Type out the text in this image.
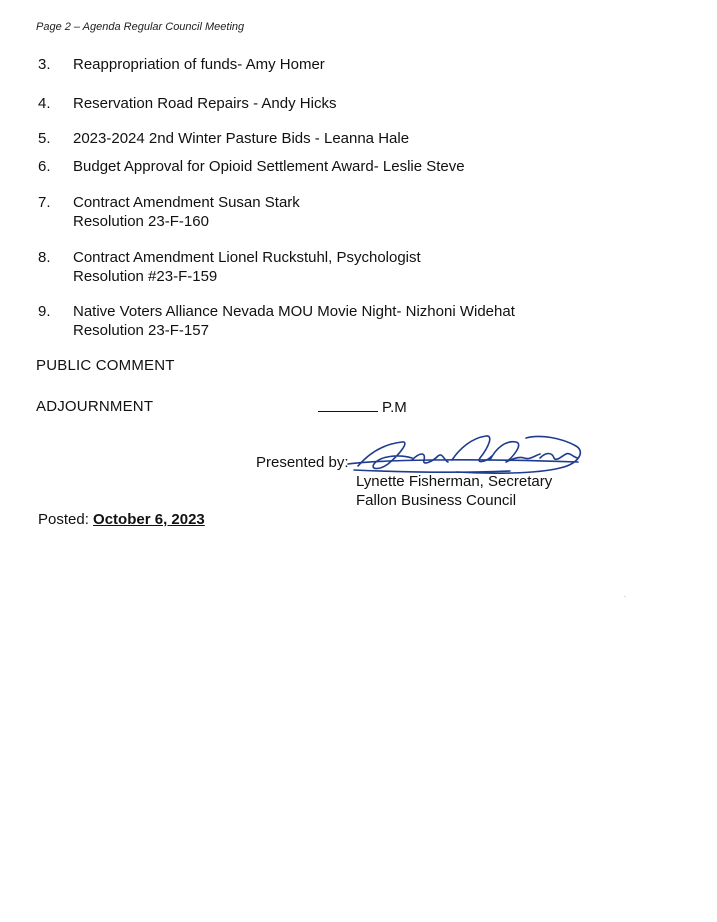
Page 2 – Agenda Regular Council Meeting
3.	Reappropriation of funds- Amy Homer
4.	Reservation Road Repairs - Andy Hicks
5.	2023-2024 2nd Winter Pasture Bids - Leanna Hale
6.	Budget Approval for Opioid Settlement Award- Leslie Steve
7.	Contract Amendment Susan Stark
Resolution 23-F-160
8.	Contract Amendment Lionel Ruckstuhl, Psychologist
Resolution #23-F-159
9.	Native Voters Alliance Nevada MOU Movie Night- Nizhoni Widehat
Resolution 23-F-157
PUBLIC COMMENT
ADJOURNMENT	P.M
Presented by:
Lynette Fisherman, Secretary
Fallon Business Council
Posted: October 6, 2023
